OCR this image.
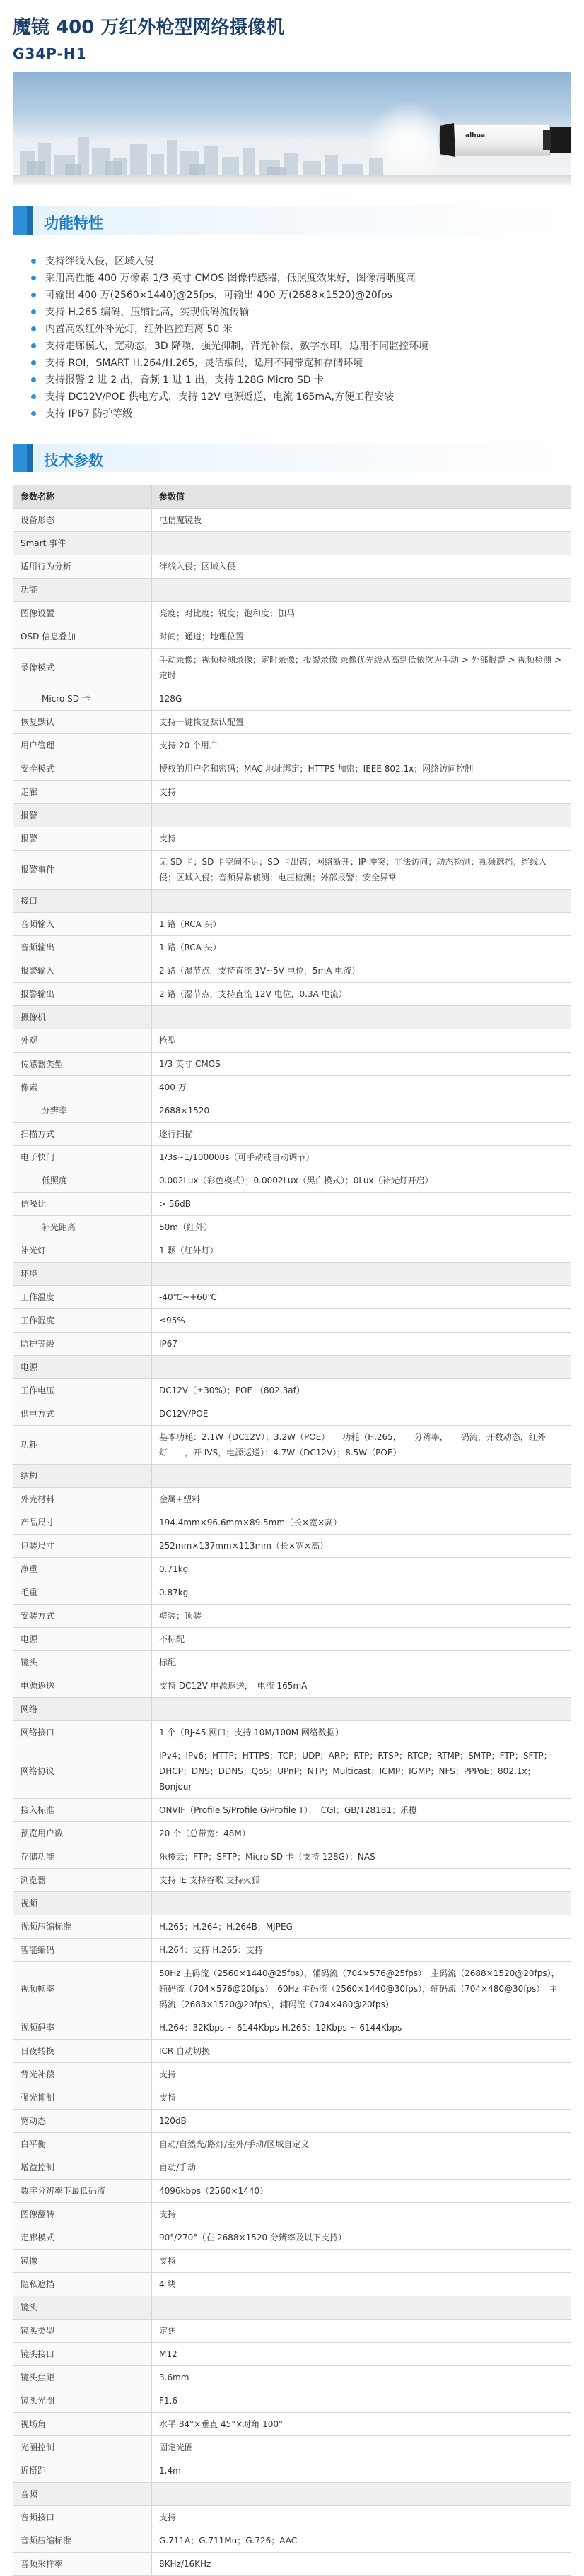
魔镜 400 万红外枪型网络摄像机
G34P-H1
alhua
功能特性
支持绊线入侵，区域入侵
采用高性能 400 万像素 1/3 英寸 CMOS 图像传感器，低照度效果好，图像清晰度高
可输出 400 万(2560×1440)@25fps，可输出 400 万(2688×1520)@20fps
支持 H.265 编码，压缩比高，实现低码流传输
内置高效红外补光灯，红外监控距离 50 米
支持走廊模式，宽动态，3D 降噪，强光抑制，背光补偿，数字水印，适用不同监控环境
支持 ROI，SMART H.264/H.265，灵活编码，适用不同带宽和存储环境
支持报警 2 进 2 出，音频 1 进 1 出，支持 128G Micro SD 卡
支持 DC12V/POE 供电方式，支持 12V 电源返送，电流 165mA,方便工程安装
支持 IP67 防护等级
技术参数
参数名称	参数值
设备形态	电信魔镜版
Smart 事件	
适用行为分析	绊线入侵；区域入侵
功能	
图像设置	亮度；对比度；锐度；饱和度；伽马
OSD 信息叠加	时间；通道；地理位置
录像模式	手动录像；视频检测录像；定时录像；报警录像 录像优先级从高到低依次为手动 > 外部报警 > 视频检测 > 定时
Micro SD 卡	128G
恢复默认	支持一键恢复默认配置
用户管理	支持 20 个用户
安全模式	授权的用户名和密码；MAC 地址绑定；HTTPS 加密；IEEE 802.1x；网络访问控制
走廊	支持
报警	
报警	支持
报警事件	无 SD 卡；SD 卡空间不足；SD 卡出错；网络断开；IP 冲突；非法访问；动态检测；视频遮挡；绊线入侵；区域入侵；音频异常侦测；电压检测；外部报警；安全异常
接口	
音频输入	1 路（RCA 头）
音频输出	1 路（RCA 头）
报警输入	2 路（湿节点，支持直流 3V~5V 电位，5mA 电流）
报警输出	2 路（湿节点，支持直流 12V 电位，0.3A 电流）
摄像机	
外观	枪型
传感器类型	1/3 英寸 CMOS
像素	400 万
分辨率	2688×1520
扫描方式	逐行扫描
电子快门	1/3s~1/100000s（可手动或自动调节）
低照度	0.002Lux（彩色模式）；0.0002Lux（黑白模式）；0Lux（补光灯开启）
信噪比	> 56dB
补光距离	50m（红外）
补光灯	1 颗（红外灯）
环境	
工作温度	-40℃~+60℃
工作湿度	≤95%
防护等级	IP67
电源	
工作电压	DC12V（±30%）；POE （802.3af）
供电方式	DC12V/POE
功耗	基本功耗：2.1W（DC12V）；3.2W（POE）　　功耗（H.265，　　分辨率，　　码流，开数动态，红外灯　　，开 IVS，电源返送）：4.7W（DC12V）；8.5W（POE）
结构	
外壳材料	金属+塑料
产品尺寸	194.4mm×96.6mm×89.5mm（长×宽×高）
包装尺寸	252mm×137mm×113mm（长×宽×高）
净重	0.71kg
毛重	0.87kg
安装方式	壁装；顶装
电源	不标配
镜头	标配
电源返送	支持 DC12V 电源返送，　电流 165mA
网络	
网络接口	1 个（RJ-45 网口；支持 10M/100M 网络数据）
网络协议	IPv4；IPv6；HTTP；HTTPS；TCP；UDP；ARP；RTP；RTSP；RTCP；RTMP；SMTP；FTP；SFTP；DHCP；DNS；DDNS；QoS；UPnP；NTP；Multicast；ICMP；IGMP；NFS；PPPoE；802.1x；Bonjour
接入标准	ONVIF（Profile S/Profile G/Profile T）；　CGI；GB/T28181；乐橙
预览用户数	20 个（总带宽：48M）
存储功能	乐橙云；FTP；SFTP；Micro SD 卡（支持 128G）；NAS
浏览器	支持 IE 支持谷歌 支持火狐
视频	
视频压缩标准	H.265；H.264；H.264B；MJPEG
智能编码	H.264：支持 H.265：支持
视频帧率	50Hz 主码流（2560×1440@25fps），辅码流（704×576@25fps）　主码流（2688×1520@20fps），辅码流（704×576@20fps）　60Hz 主码流（2560×1440@30fps），辅码流（704×480@30fps）　主码流（2688×1520@20fps），辅码流（704×480@20fps）
视频码率	H.264：32Kbps ~ 6144Kbps H.265：12Kbps ~ 6144Kbps
日夜转换	ICR 自动切换
背光补偿	支持
强光抑制	支持
宽动态	120dB
白平衡	自动/自然光/路灯/室外/手动/区域自定义
增益控制	自动/手动
数字分辨率下最低码流	4096kbps（2560×1440）
图像翻转	支持
走廊模式	90°/270°（在 2688×1520 分辨率及以下支持）
镜像	支持
隐私遮挡	4 块
镜头	
镜头类型	定焦
镜头接口	M12
镜头焦距	3.6mm
镜头光圈	F1.6
视场角	水平 84°×垂直 45°×对角 100°
光圈控制	固定光圈
近摄距	1.4m
音频	
音频接口	支持
音频压缩标准	G.711A；G.711Mu；G.726；AAC
音频采样率	8KHz/16KHz
